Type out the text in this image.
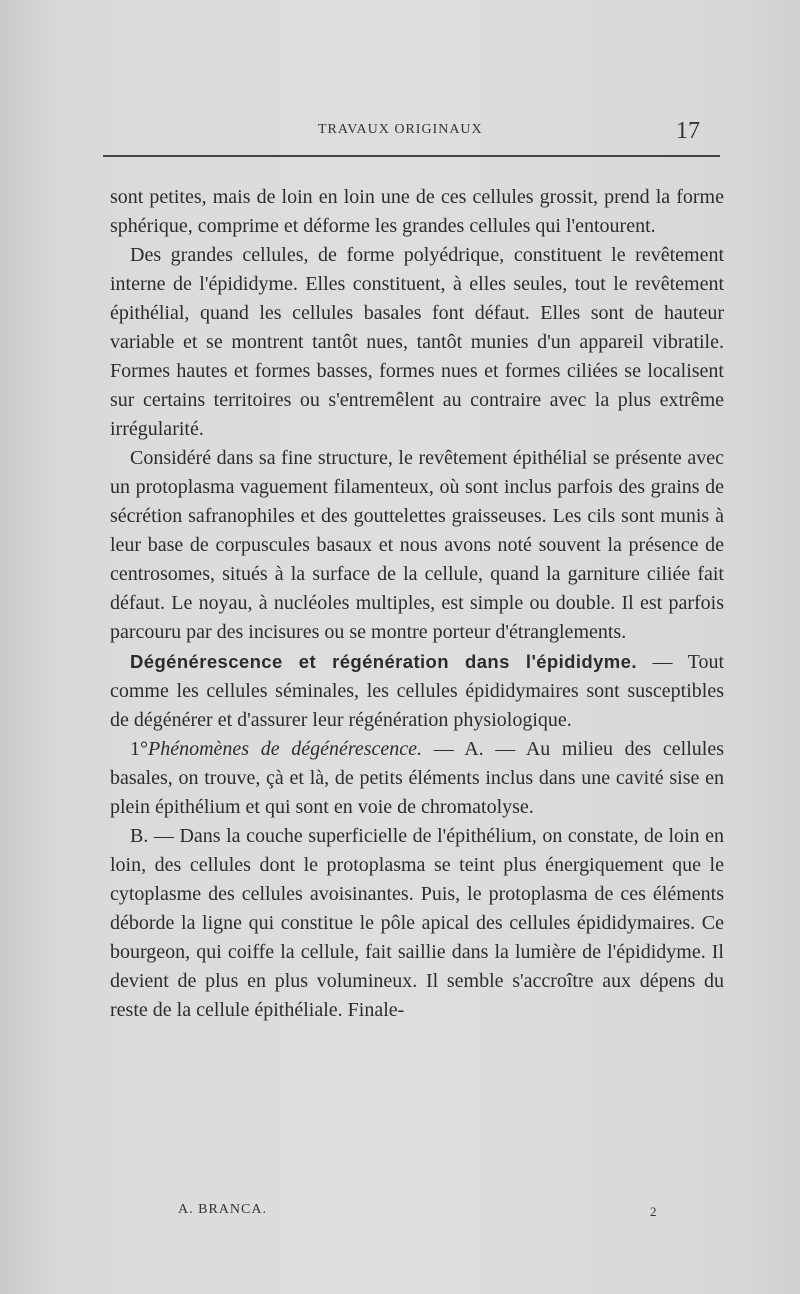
TRAVAUX ORIGINAUX	17

sont petites, mais de loin en loin une de ces cellules grossit, prend la forme sphérique, comprime et déforme les grandes cellules qui l'entourent.

Des grandes cellules, de forme polyédrique, constituent le revêtement interne de l'épididyme. Elles constituent, à elles seules, tout le revêtement épithélial, quand les cellules basales font défaut. Elles sont de hauteur variable et se montrent tantôt nues, tantôt munies d'un appareil vibratile. Formes hautes et formes basses, formes nues et formes ciliées se localisent sur certains territoires ou s'entremêlent au contraire avec la plus extrême irrégularité.

Considéré dans sa fine structure, le revêtement épithélial se présente avec un protoplasma vaguement filamenteux, où sont inclus parfois des grains de sécrétion safranophiles et des gouttelettes graisseuses. Les cils sont munis à leur base de corpuscules basaux et nous avons noté souvent la présence de centrosomes, situés à la surface de la cellule, quand la garniture ciliée fait défaut. Le noyau, à nucléoles multiples, est simple ou double. Il est parfois parcouru par des incisures ou se montre porteur d'étranglements.

Dégénérescence et régénération dans l'épididyme. — Tout comme les cellules séminales, les cellules épididymaires sont susceptibles de dégénérer et d'assurer leur régénération physiologique.

1°Phénomènes de dégénérescence. — A. — Au milieu des cellules basales, on trouve, çà et là, de petits éléments inclus dans une cavité sise en plein épithélium et qui sont en voie de chromatolyse.

B. — Dans la couche superficielle de l'épithélium, on constate, de loin en loin, des cellules dont le protoplasma se teint plus énergiquement que le cytoplasme des cellules avoisinantes. Puis, le protoplasma de ces éléments déborde la ligne qui constitue le pôle apical des cellules épididymaires. Ce bourgeon, qui coiffe la cellule, fait saillie dans la lumière de l'épididyme. Il devient de plus en plus volumineux. Il semble s'accroître aux dépens du reste de la cellule épithéliale. Finale-

A. BRANCA.	2
